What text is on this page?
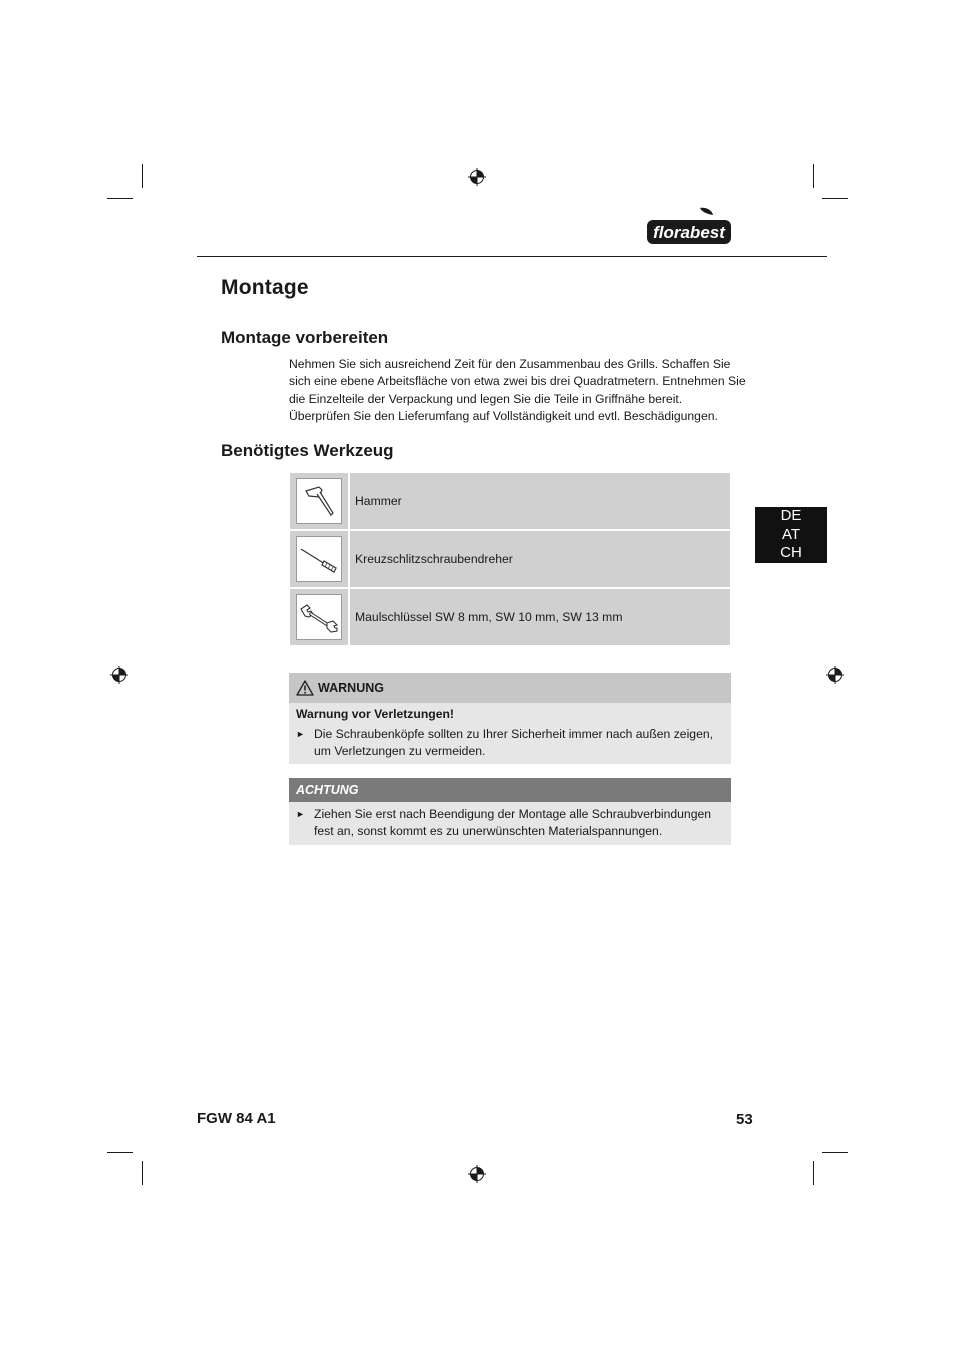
florabest
Montage
Montage vorbereiten
Nehmen Sie sich ausreichend Zeit für den Zusammenbau des Grills. Schaffen Sie
sich eine ebene Arbeitsfläche von etwa zwei bis drei Quadratmetern. Entnehmen Sie
die Einzelteile der Verpackung und legen Sie die Teile in Griffnähe bereit.
Überprüfen Sie den Lieferumfang auf Vollständigkeit und evtl. Beschädigungen.
Benötigtes Werkzeug
Hammer
Kreuzschlitzschraubendreher
Maulschlüssel SW 8 mm, SW 10 mm, SW 13 mm
DE
AT
CH
WARNUNG
Warnung vor Verletzungen!
► Die Schraubenköpfe sollten zu Ihrer Sicherheit immer nach außen zeigen,
um Verletzungen zu vermeiden.
ACHTUNG
► Ziehen Sie erst nach Beendigung der Montage alle Schraubverbindungen
fest an, sonst kommt es zu unerwünschten Materialspannungen.
FGW 84 A1	53
